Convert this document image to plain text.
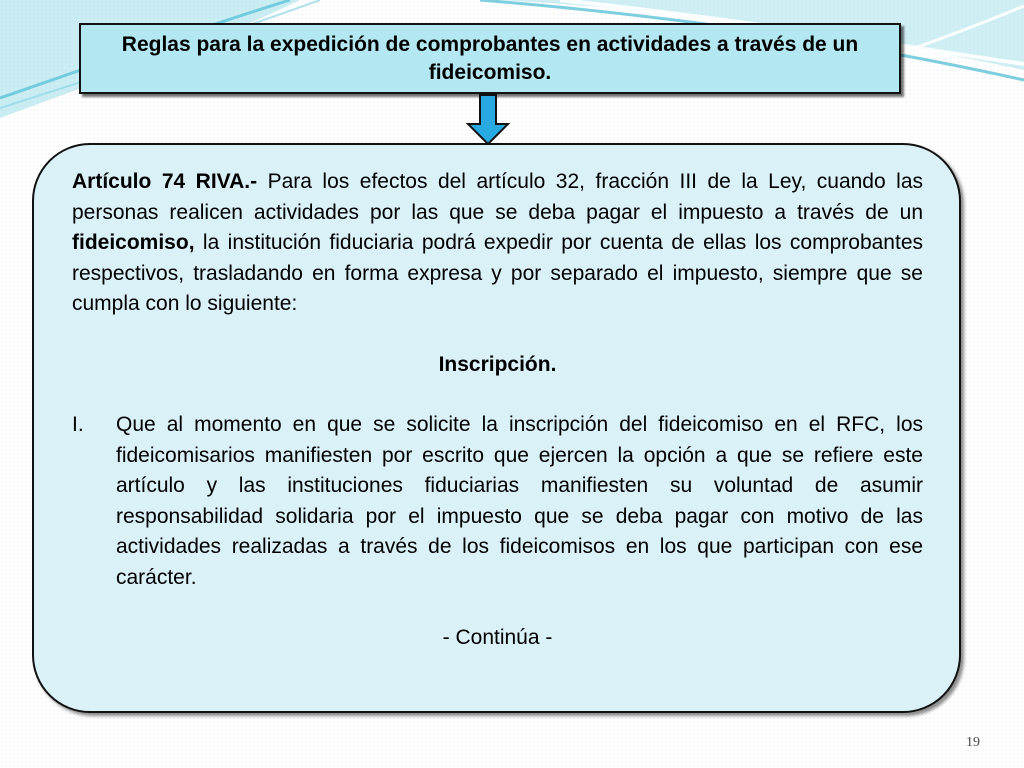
Reglas para la expedición de comprobantes en actividades a través de un fideicomiso.

Artículo 74 RIVA.- Para los efectos del artículo 32, fracción III de la Ley, cuando las personas realicen actividades por las que se deba pagar el impuesto a través de un fideicomiso, la institución fiduciaria podrá expedir por cuenta de ellas los comprobantes respectivos, trasladando en forma expresa y por separado el impuesto, siempre que se cumpla con lo siguiente:

Inscripción.
I.	Que al momento en que se solicite la inscripción del fideicomiso en el RFC, los fideicomisarios manifiesten por escrito que ejercen la opción a que se refiere este artículo y las instituciones fiduciarias manifiesten su voluntad de asumir responsabilidad solidaria por el impuesto que se deba pagar con motivo de las actividades realizadas a través de los fideicomisos en los que participan con ese carácter.

- Continúa -
19
